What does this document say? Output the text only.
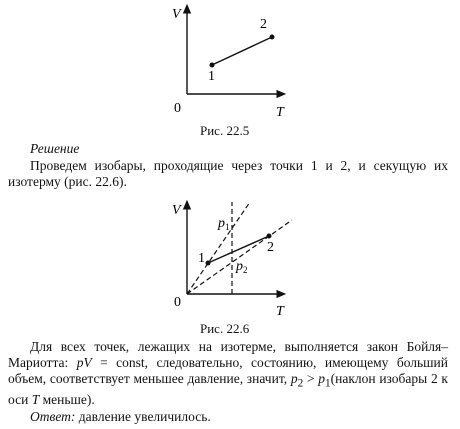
V
T
0
1
2
Рис. 22.5
Решение

Проведем изобары, проходящие через точки 1 и 2, и секущую их изотерму (рис. 22.6).

V
T
0
1
2
p1
p2
Рис. 22.6

Для всех точек, лежащих на изотерме, выполняется закон Бойля–Мариотта: pV = const, следовательно, состоянию, имеющему больший объем, соответствует меньшее давление, значит, $p_2$ > $p_1(наклон$ изобары 2 к оси T меньше).

Ответ: давление увеличилось.
